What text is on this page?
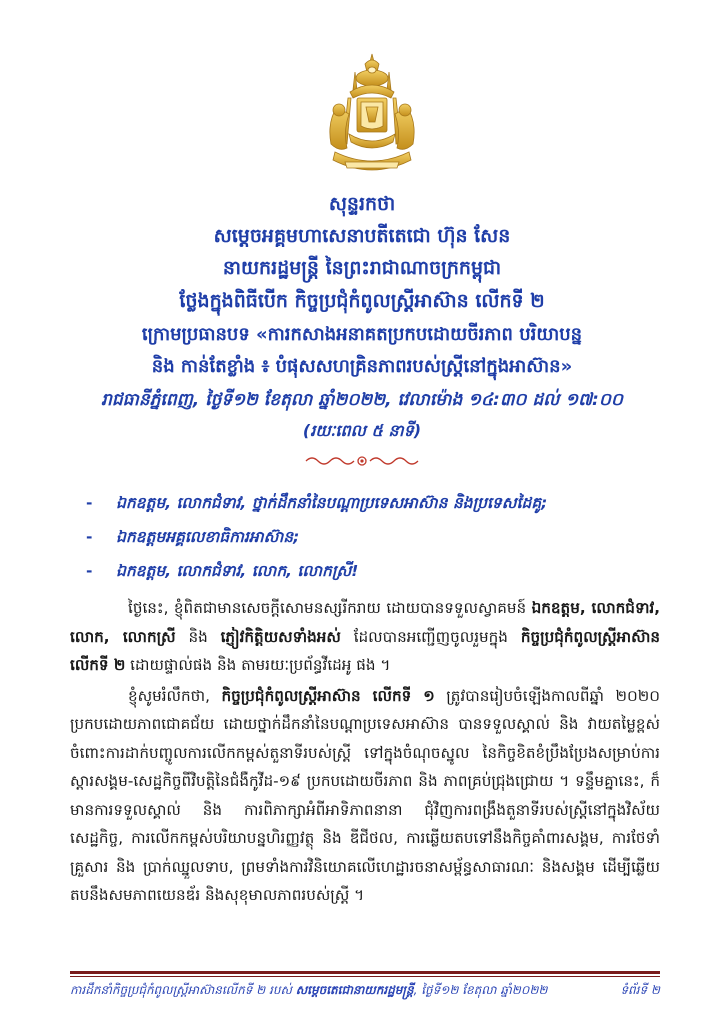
សុន្ទរកថា
សម្ដេចអគ្គមហាសេនាបតីតេជោ ហ៊ុន សែន
នាយករដ្ឋមន្ត្រី នៃព្រះរាជាណាចក្រកម្ពុជា
ថ្លែងក្នុងពិធីបើក កិច្ចប្រជុំកំពូលស្ត្រីអាស៊ាន លើកទី ២
ក្រោមប្រធានបទ «ការកសាងអនាគតប្រកបដោយចីរភាព បរិយាបន្ន
និង កាន់តែខ្លាំង ៖ បំផុសសហគ្រិនភាពរបស់ស្ត្រីនៅក្នុងអាស៊ាន»
រាជធានីភ្នំពេញ, ថ្ងៃទី១២ ខែតុលា ឆ្នាំ២០២២, វេលាម៉ោង ១៤:៣០ ដល់ ១៧:០០
(រយៈពេល ៥ នាទី)
- ឯកឧត្តម, លោកជំទាវ, ថ្នាក់ដឹកនាំនៃបណ្ដាប្រទេសអាស៊ាន និងប្រទេសដៃគូ;
- ឯកឧត្តមអគ្គលេខាធិការអាស៊ាន;
- ឯកឧត្តម, លោកជំទាវ, លោក, លោកស្រី!

ថ្ងៃនេះ, ខ្ញុំពិតជាមានសេចក្តីសោមនស្សរីករាយ ដោយបានទទួលស្វាគមន៍ ឯកឧត្តម, លោកជំទាវ, លោក, លោកស្រី និង ភ្ញៀវកិត្តិយសទាំងអស់ ដែលបានអញ្ជើញចូលរួមក្នុង កិច្ចប្រជុំកំពូលស្ត្រីអាស៊ាន លើកទី ២ ដោយផ្ទាល់ផង និង តាមរយៈប្រព័ន្ធវីដេអូ ផង ។

ខ្ញុំសូមរំលឹកថា, កិច្ចប្រជុំកំពូលស្ត្រីអាស៊ាន លើកទី ១ ត្រូវបានរៀបចំឡើងកាលពីឆ្នាំ ២០២០ ប្រកបដោយភាពជោគជ័យ ដោយថ្នាក់ដឹកនាំនៃបណ្ដាប្រទេសអាស៊ាន បានទទួលស្គាល់ និង វាយតម្លៃខ្ពស់ចំពោះការដាក់បញ្ចូលការលើកកម្ពស់តួនាទីរបស់ស្ត្រី ទៅក្នុងចំណុចស្នូល នៃកិច្ចខិតខំប្រឹងប្រែងសម្រាប់ការស្ដារសង្គម-សេដ្ឋកិច្ចពីវិបត្តិនៃជំងឺកូវីដ-១៩ ប្រកបដោយចីរភាព និង ភាពគ្រប់ជ្រុងជ្រោយ ។ ទន្ទឹមគ្នានេះ, ក៏មានការទទួលស្គាល់ និង ការពិភាក្សាអំពីអាទិភាពនានា ជុំវិញការពង្រឹងតួនាទីរបស់ស្ត្រីនៅក្នុងវិស័យសេដ្ឋកិច្ច, ការលើកកម្ពស់បរិយាបន្នហិរញ្ញវត្ថុ និង ឌីជីថល, ការឆ្លើយតបទៅនឹងកិច្ចគាំពារសង្គម, ការថែទាំគ្រួសារ និង ប្រាក់ឈ្នួលទាប, ព្រមទាំងការវិនិយោគលើហេដ្ឋារចនាសម្ព័ន្ធសាធារណៈ និងសង្គម ដើម្បីឆ្លើយតបនឹងសមភាពយេនឌ័រ និងសុខុមាលភាពរបស់ស្ត្រី ។

ការដឹកនាំកិច្ចប្រជុំកំពូលស្ត្រីអាស៊ានលើកទី ២ របស់ សម្ដេចតេជោនាយករដ្ឋមន្ត្រី, ថ្ងៃទី១២ ខែតុលា ឆ្នាំ២០២២	ទំព័រទី ២
